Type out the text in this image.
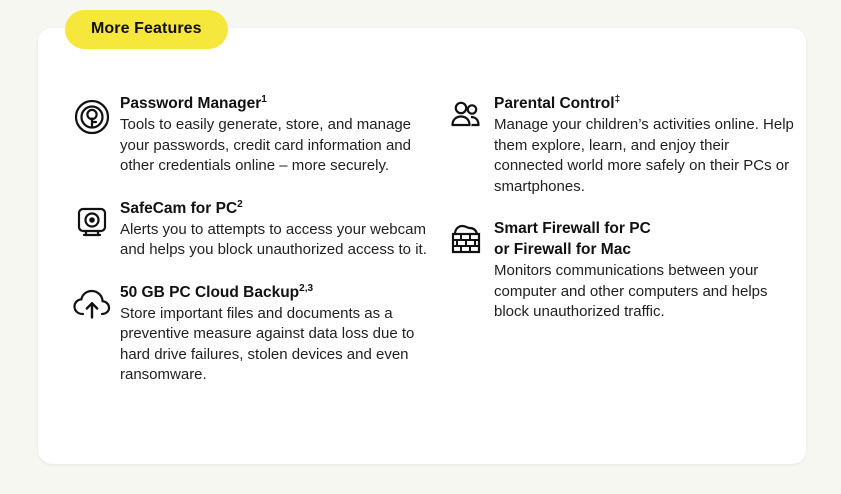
Password Manager$^1$

Tools to easily generate, store, and manage your passwords, credit card information and other credentials online – more securely.

SafeCam for $PC^2$

Alerts you to attempts to access your webcam and helps you block unauthorized access to it.

50 GB PC Cloud Backup$^{2,3}$

Store important files and documents as a preventive measure against data loss due to hard drive failures, stolen devices and even ransomware.

Parental Control‡

Manage your children’s activities online. Help them explore, learn, and enjoy their connected world more safely on their PCs or smartphones.

Smart Firewall for PC

or Firewall for Mac

Monitors communications between your computer and other computers and helps block unauthorized traffic.

More Features
